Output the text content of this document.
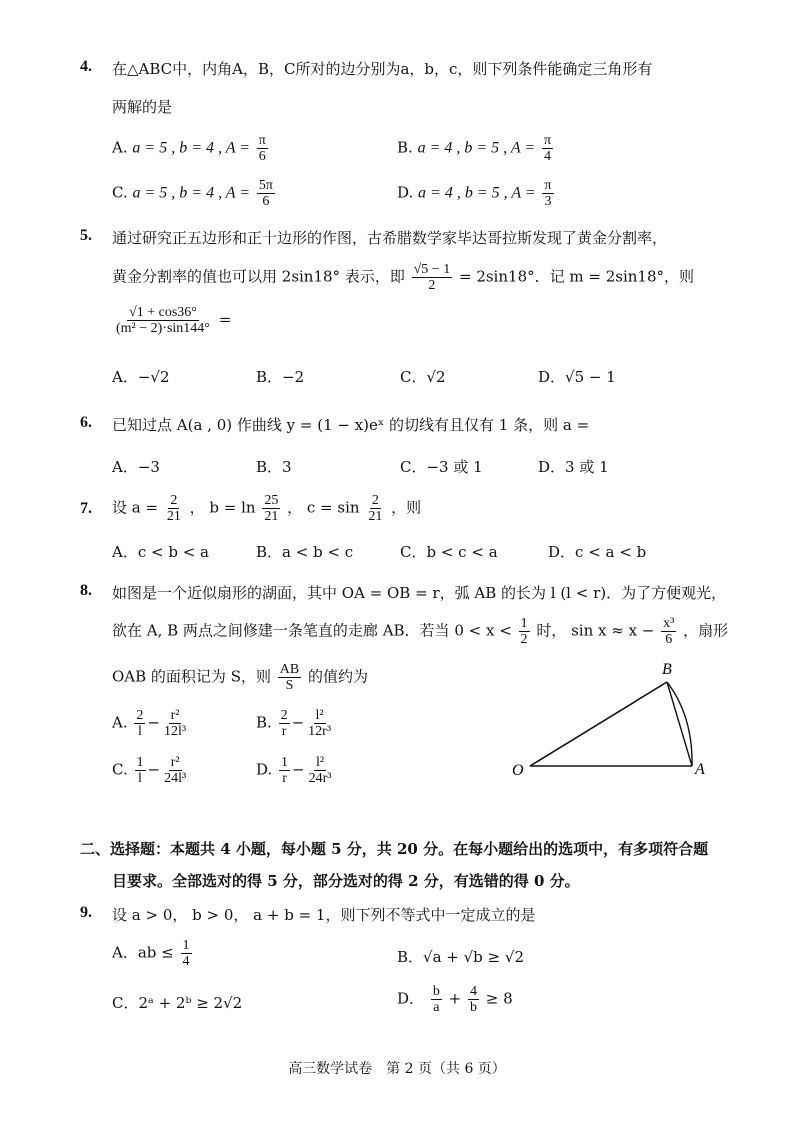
4. 在△ABC中，内角A，B，C所对的边分别为a，b，c，则下列条件能确定三角形有
两解的是
A. a = 5 , b = 4 , $A = \frac{\pi}{6}$	B. a = 4 , b = 5 , $A = \frac{\pi}{4}$
C. a = 5 , b = 4 , $A = \frac{5\pi}{6}$	D. a = 4 , b = 5 , $A = \frac{\pi}{3}$
5. 通过研究正五边形和正十边形的作图，古希腊数学家毕达哥拉斯发现了黄金分割率，
黄金分割率的值也可以用 2sin18° 表示，即 $\frac{√5 - 1}{2} = 2\sin 18^\circ$．记 m = 2sin18°，则
$\frac{√1 + \cos 36^\circ}{\text{(m² − 2)·sin144°}}$ =
A．−√2	B．−2	C．√2	D．√5 − 1
6. 已知过点 A(a , 0) 作曲线 y = (1 − x)eˣ 的切线有且仅有 1 条，则 a =
A．−3	B．3	C．−3 或 1	D．3 或 1
7. 设 $a = \frac{2}{21}$ ， $b = \ln \frac{25}{21}$ ， $c = \sin \frac{2}{21}$ ，则
A．c < b < a	B．a < b < c	C．b < c < a	D．c < a < b
8. 如图是一个近似扇形的湖面，其中 OA = OB = r，弧 AB 的长为 l (l < r)．为了方便观光，
欲在 A, B 两点之间修建一条笔直的走廊 AB．若当 $0 < x < \frac{1}{2}$ 时， $\sin x \approx x - \frac{\text{x³}}{6}$ ，扇形
OAB 的面积记为 S，则 $\frac{AB}{S}$ 的值约为
A. $\frac{2}{l} - \frac{\text{r²}}{\text{12l³}}$	B. $\frac{2}{r} - \frac{\text{l²}}{\text{12r³}}$
C. $\frac{1}{l} - \frac{\text{r²}}{\text{24l³}}$	D. $\frac{1}{r} - \frac{\text{l²}}{\text{24r³}}$
B
O	A
二、选择题：本题共 4 小题，每小题 5 分，共 20 分。在每小题给出的选项中，有多项符合题
目要求。全部选对的得 5 分，部分选对的得 2 分，有选错的得 0 分。
9. 设 a > 0， b > 0， a + b = 1，则下列不等式中一定成立的是
A．ab ≤ $\frac{1}{4}$	B．√a + √b ≥ √2
C．2ᵃ + 2ᵇ ≥ 2√2	D． $\frac{b}{a} + \frac{4}{b} \ge 8$
高三数学试卷　第 2 页（共 6 页）
